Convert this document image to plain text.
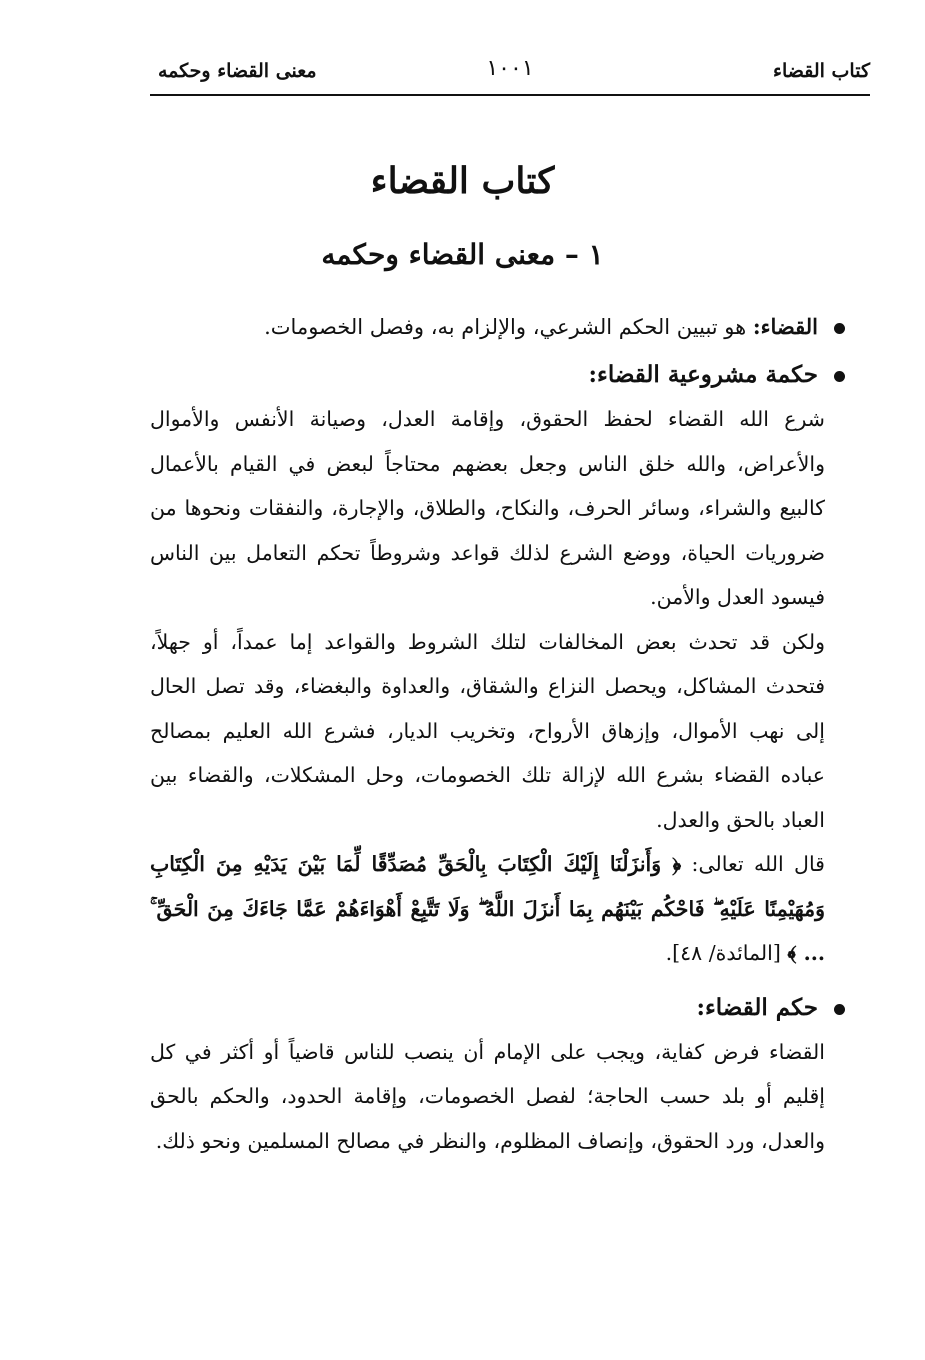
كتاب القضاء
١٠٠١
معنى القضاء وحكمه
كتاب القضاء
١ – معنى القضاء وحكمه
القضاء: هو تبيين الحكم الشرعي، والإلزام به، وفصل الخصومات.
حكمة مشروعية القضاء:

شرع الله القضاء لحفظ الحقوق، وإقامة العدل، وصيانة الأنفس والأموال والأعراض، والله خلق الناس وجعل بعضهم محتاجاً لبعض في القيام بالأعمال كالبيع والشراء، وسائر الحرف، والنكاح، والطلاق، والإجارة، والنفقات ونحوها من ضروريات الحياة، ووضع الشرع لذلك قواعد وشروطاً تحكم التعامل بين الناس فيسود العدل والأمن.

ولكن قد تحدث بعض المخالفات لتلك الشروط والقواعد إما عمداً، أو جهلاً، فتحدث المشاكل، ويحصل النزاع والشقاق، والعداوة والبغضاء، وقد تصل الحال إلى نهب الأموال، وإزهاق الأرواح، وتخريب الديار، فشرع الله العليم بمصالح عباده القضاء بشرع الله لإزالة تلك الخصومات، وحل المشكلات، والقضاء بين العباد بالحق والعدل.

قال الله تعالى: ﴿ وَأَنزَلْنَا إِلَيْكَ الْكِتَابَ بِالْحَقِّ مُصَدِّقًا لِّمَا بَيْنَ يَدَيْهِ مِنَ الْكِتَابِ وَمُهَيْمِنًا عَلَيْهِ ۖ فَاحْكُم بَيْنَهُم بِمَا أَنزَلَ اللَّهُ ۖ وَلَا تَتَّبِعْ أَهْوَاءَهُمْ عَمَّا جَاءَكَ مِنَ الْحَقِّ ۚ ... ﴾ [المائدة/ ٤٨].

حكم القضاء:

القضاء فرض كفاية، ويجب على الإمام أن ينصب للناس قاضياً أو أكثر في كل إقليم أو بلد حسب الحاجة؛ لفصل الخصومات، وإقامة الحدود، والحكم بالحق والعدل، ورد الحقوق، وإنصاف المظلوم، والنظر في مصالح المسلمين ونحو ذلك.
